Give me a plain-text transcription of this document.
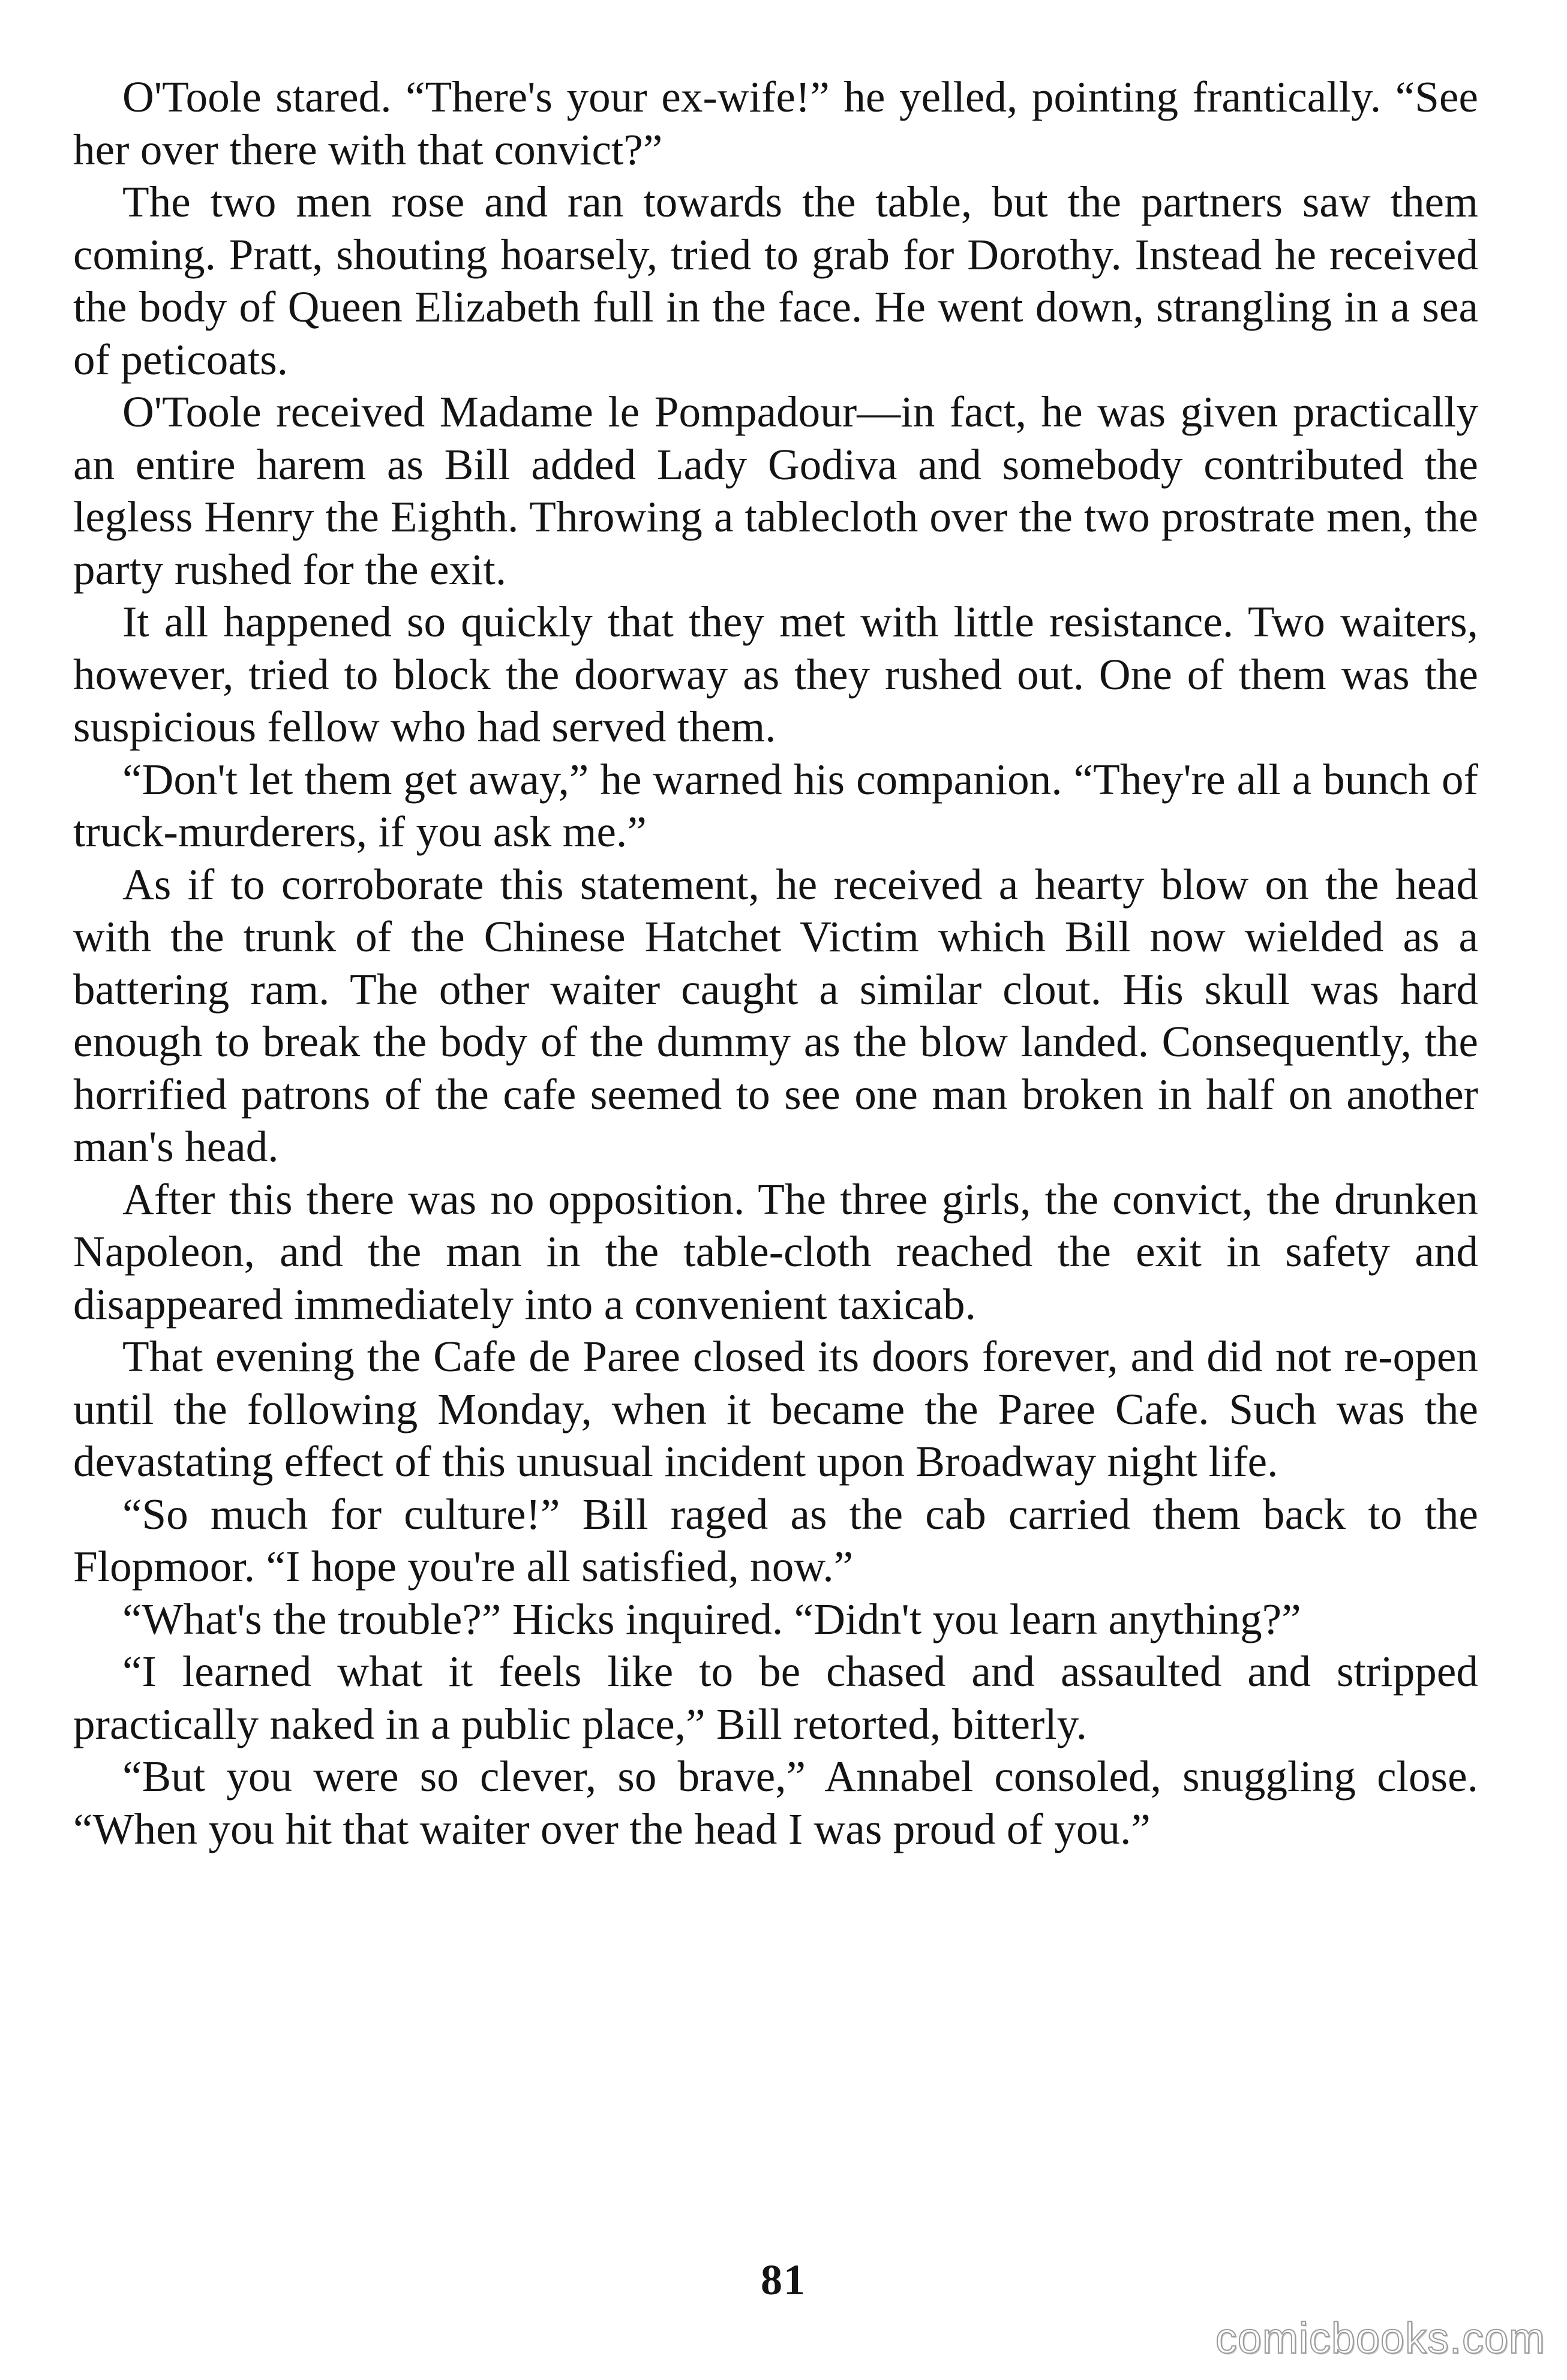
O'Toole stared. “There's your ex-wife!” he yelled, pointing frantically. “See her over there with that convict?”

The two men rose and ran towards the table, but the partners saw them coming. Pratt, shouting hoarsely, tried to grab for Dorothy. Instead he received the body of Queen Elizabeth full in the face. He went down, strangling in a sea of peticoats.

O'Toole received Madame le Pompadour—in fact, he was given practically an entire harem as Bill added Lady Godiva and somebody contributed the legless Henry the Eighth. Throwing a tablecloth over the two prostrate men, the party rushed for the exit.

It all happened so quickly that they met with little resistance. Two waiters, however, tried to block the doorway as they rushed out. One of them was the suspicious fellow who had served them.

“Don't let them get away,” he warned his companion. “They're all a bunch of truck-murderers, if you ask me.”

As if to corroborate this statement, he received a hearty blow on the head with the trunk of the Chinese Hatchet Victim which Bill now wielded as a battering ram. The other waiter caught a similar clout. His skull was hard enough to break the body of the dummy as the blow landed. Consequently, the horrified patrons of the cafe seemed to see one man broken in half on another man's head.

After this there was no opposition. The three girls, the convict, the drunken Napoleon, and the man in the table-cloth reached the exit in safety and disappeared immediately into a convenient taxicab.

That evening the Cafe de Paree closed its doors forever, and did not re-open until the following Monday, when it became the Paree Cafe. Such was the devastating effect of this unusual incident upon Broadway night life.

“So much for culture!” Bill raged as the cab carried them back to the Flopmoor. “I hope you're all satisfied, now.”

“What's the trouble?” Hicks inquired. “Didn't you learn anything?”

“I learned what it feels like to be chased and assaulted and stripped practically naked in a public place,” Bill retorted, bitterly.

“But you were so clever, so brave,” Annabel consoled, snuggling close. “When you hit that waiter over the head I was proud of you.”

81
comicbooks.com
